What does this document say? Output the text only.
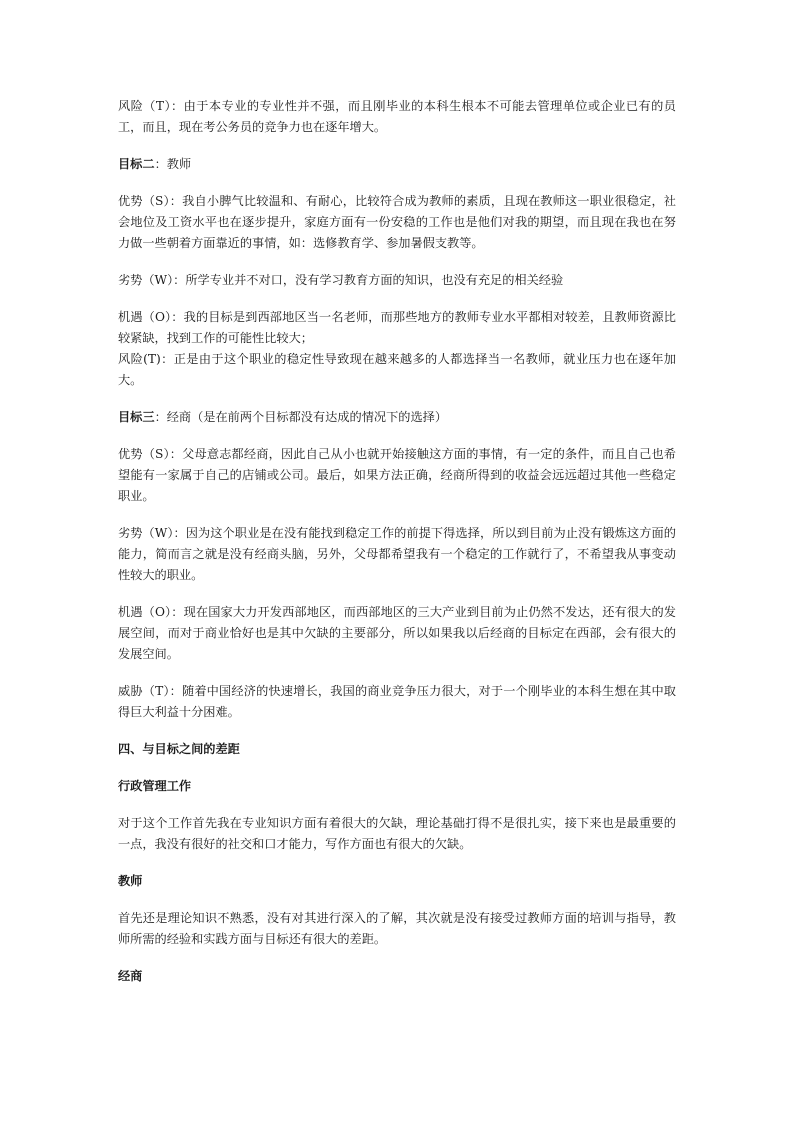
风险（T）：由于本专业的专业性并不强，而且刚毕业的本科生根本不可能去管理单位或企业已有的员工，而且，现在考公务员的竞争力也在逐年增大。

目标二：教师

优势（S）：我自小脾气比较温和、有耐心，比较符合成为教师的素质，且现在教师这一职业很稳定，社会地位及工资水平也在逐步提升，家庭方面有一份安稳的工作也是他们对我的期望，而且现在我也在努力做一些朝着方面靠近的事情，如：选修教育学、参加暑假支教等。

劣势（W）：所学专业并不对口，没有学习教育方面的知识，也没有充足的相关经验

机遇（O）：我的目标是到西部地区当一名老师，而那些地方的教师专业水平都相对较差，且教师资源比较紧缺，找到工作的可能性比较大；

风险(T)：正是由于这个职业的稳定性导致现在越来越多的人都选择当一名教师，就业压力也在逐年加大。

目标三：经商（是在前两个目标都没有达成的情况下的选择）

优势（S）：父母意志都经商，因此自己从小也就开始接触这方面的事情，有一定的条件，而且自己也希望能有一家属于自己的店铺或公司。最后，如果方法正确，经商所得到的收益会远远超过其他一些稳定职业。

劣势（W）：因为这个职业是在没有能找到稳定工作的前提下得选择，所以到目前为止没有锻炼这方面的能力，简而言之就是没有经商头脑，另外，父母都希望我有一个稳定的工作就行了，不希望我从事变动性较大的职业。

机遇（O）：现在国家大力开发西部地区，而西部地区的三大产业到目前为止仍然不发达，还有很大的发展空间，而对于商业恰好也是其中欠缺的主要部分，所以如果我以后经商的目标定在西部，会有很大的发展空间。

威胁（T）：随着中国经济的快速增长，我国的商业竞争压力很大，对于一个刚毕业的本科生想在其中取得巨大利益十分困难。

四、与目标之间的差距

行政管理工作

对于这个工作首先我在专业知识方面有着很大的欠缺，理论基础打得不是很扎实，接下来也是最重要的一点，我没有很好的社交和口才能力，写作方面也有很大的欠缺。

教师

首先还是理论知识不熟悉，没有对其进行深入的了解，其次就是没有接受过教师方面的培训与指导，教师所需的经验和实践方面与目标还有很大的差距。

经商
